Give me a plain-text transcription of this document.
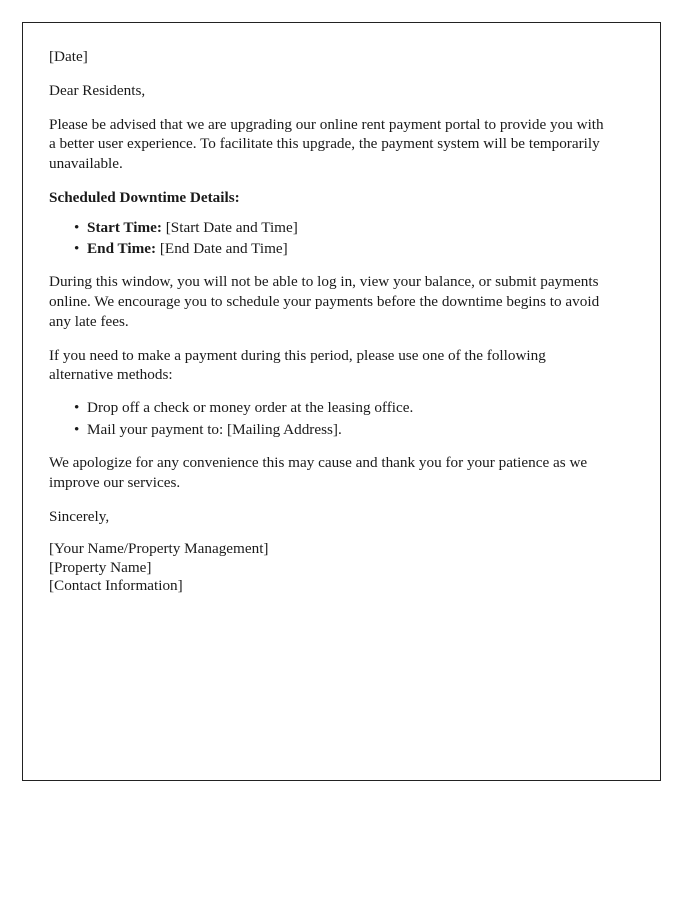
[Date]

Dear Residents,

Please be advised that we are upgrading our online rent payment portal to provide you with a better user experience. To facilitate this upgrade, the payment system will be temporarily unavailable.

Scheduled Downtime Details:

• Start Time: [Start Date and Time]
• End Time: [End Date and Time]

During this window, you will not be able to log in, view your balance, or submit payments online. We encourage you to schedule your payments before the downtime begins to avoid any late fees.

If you need to make a payment during this period, please use one of the following alternative methods:

• Drop off a check or money order at the leasing office.
• Mail your payment to: [Mailing Address].

We apologize for any convenience this may cause and thank you for your patience as we improve our services.

Sincerely,

[Your Name/Property Management]

[Property Name]

[Contact Information]
